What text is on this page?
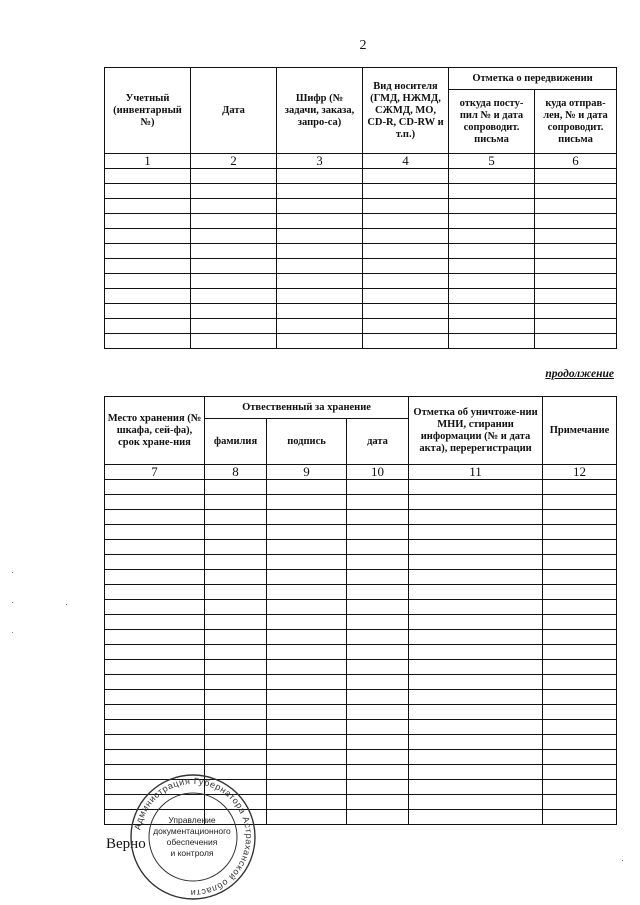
2
Учетный (инвентарный №)	Дата	Шифр (№ задачи, заказа, запро-са)	Вид носителя (ГМД, НЖМД, СЖМД, МО, CD-R, CD-RW и т.п.)	Отметка о передвижении	
				откуда посту-пил № и дата сопроводит. письма	куда отправ-лен, № и дата сопроводит. письма
1	2	3	4	5	6

продолжение
Место хранения (№ шкафа, сей-фа), срок хране-ния	Отвественный за хранение			Отметка об уничтоже-нии МНИ, стирании информации (№ и дата акта), перерегистрации	Примечание
	фамилия	подпись	дата		
7	8	9	10	11	12

Верно
Администрация Губернатора Астраханской области
Управление
документационного
обеспечения
и контроля
